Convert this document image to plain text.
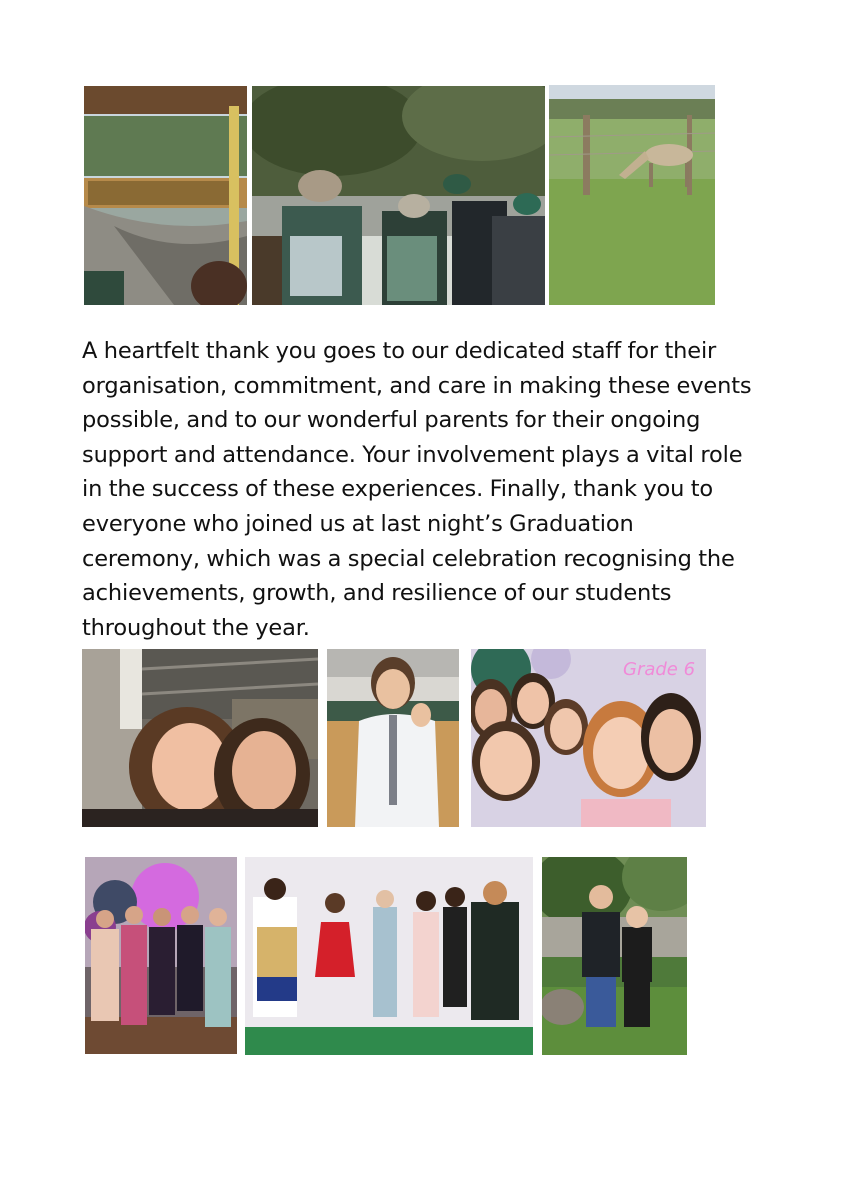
A heartfelt thank you goes to our dedicated staff for their
organisation, commitment, and care in making these events
possible, and to our wonderful parents for their ongoing
support and attendance. Your involvement plays a vital role
in the success of these experiences. Finally, thank you to
everyone who joined us at last night’s Graduation
ceremony, which was a special celebration recognising the
achievements, growth, and resilience of our students
throughout the year.

Grade 6
